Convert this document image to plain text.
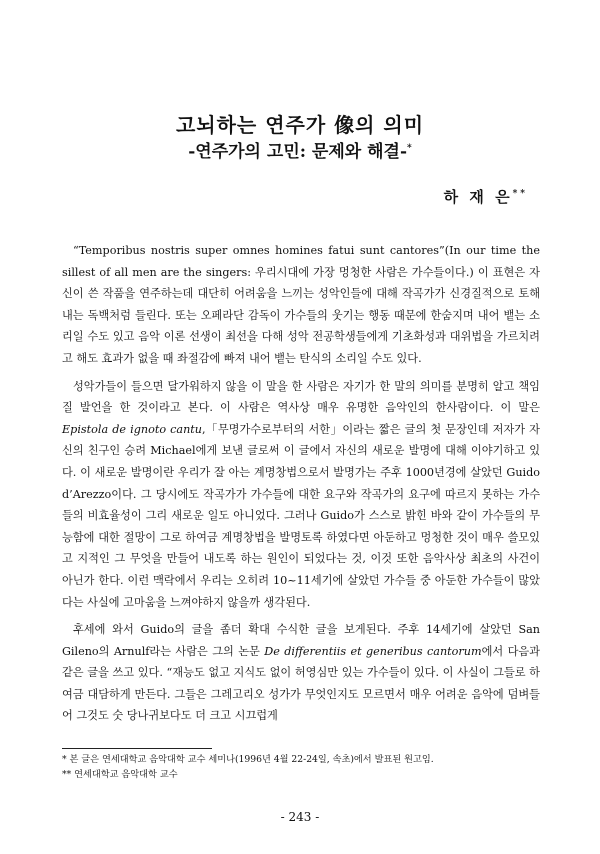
고뇌하는 연주가 像의 의미
-연주가의 고민: 문제와 해결-*
하 재 은**

“Temporibus nostris super omnes homines fatui sunt cantores”(In our time the sillest of all men are the singers: 우리시대에 가장 멍청한 사람은 가수들이다.) 이 표현은 자신이 쓴 작품을 연주하는데 대단히 어려움을 느끼는 성악인들에 대해 작곡가가 신경질적으로 토해내는 독백처럼 들린다. 또는 오페라단 감독이 가수들의 웃기는 행동 때문에 한숨지며 내어 뱉는 소리일 수도 있고 음악 이론 선생이 최선을 다해 성악 전공학생들에게 기초화성과 대위법을 가르치려고 해도 효과가 없을 때 좌절감에 빠져 내어 뱉는 탄식의 소리일 수도 있다.

성악가들이 들으면 달가워하지 않을 이 말을 한 사람은 자기가 한 말의 의미를 분명히 알고 책임질 발언을 한 것이라고 본다. 이 사람은 역사상 매우 유명한 음악인의 한사람이다. 이 말은 Epistola de ignoto cantu,「무명가수로부터의 서한」이라는 짧은 글의 첫 문장인데 저자가 자신의 친구인 승려 Michael에게 보낸 글로써 이 글에서 자신의 새로운 발명에 대해 이야기하고 있다. 이 새로운 발명이란 우리가 잘 아는 계명창법으로서 발명가는 주후 1000년경에 살았던 Guido d’Arezzo이다. 그 당시에도 작곡가가 가수들에 대한 요구와 작곡가의 요구에 따르지 못하는 가수들의 비효율성이 그리 새로운 일도 아니었다. 그러나 Guido가 스스로 밝힌 바와 같이 가수들의 무능함에 대한 절망이 그로 하여금 계명창법을 발명토록 하였다면 아둔하고 멍청한 것이 매우 쓸모있고 지적인 그 무엇을 만들어 내도록 하는 원인이 되었다는 것, 이것 또한 음악사상 최초의 사건이 아닌가 한다. 이런 맥락에서 우리는 오히려 10~11세기에 살았던 가수들 중 아둔한 가수들이 많았다는 사실에 고마움을 느껴야하지 않을까 생각된다.

후세에 와서 Guido의 글을 좀더 확대 수식한 글을 보게된다. 주후 14세기에 살았던 San Gileno의 Arnulf라는 사람은 그의 논문 De differentiis et generibus cantorum에서 다음과 같은 글을 쓰고 있다. “재능도 없고 지식도 없이 허영심만 있는 가수들이 있다. 이 사실이 그들로 하여금 대담하게 만든다. 그들은 그레고리오 성가가 무엇인지도 모르면서 매우 어려운 음악에 덤벼들어 그것도 숫 당나귀보다도 더 크고 시끄럽게

* 본 글은 연세대학교 음악대학 교수 세미나(1996년 4월 22-24일, 속초)에서 발표된 원고임.

** 연세대학교 음악대학 교수

- 243 -
